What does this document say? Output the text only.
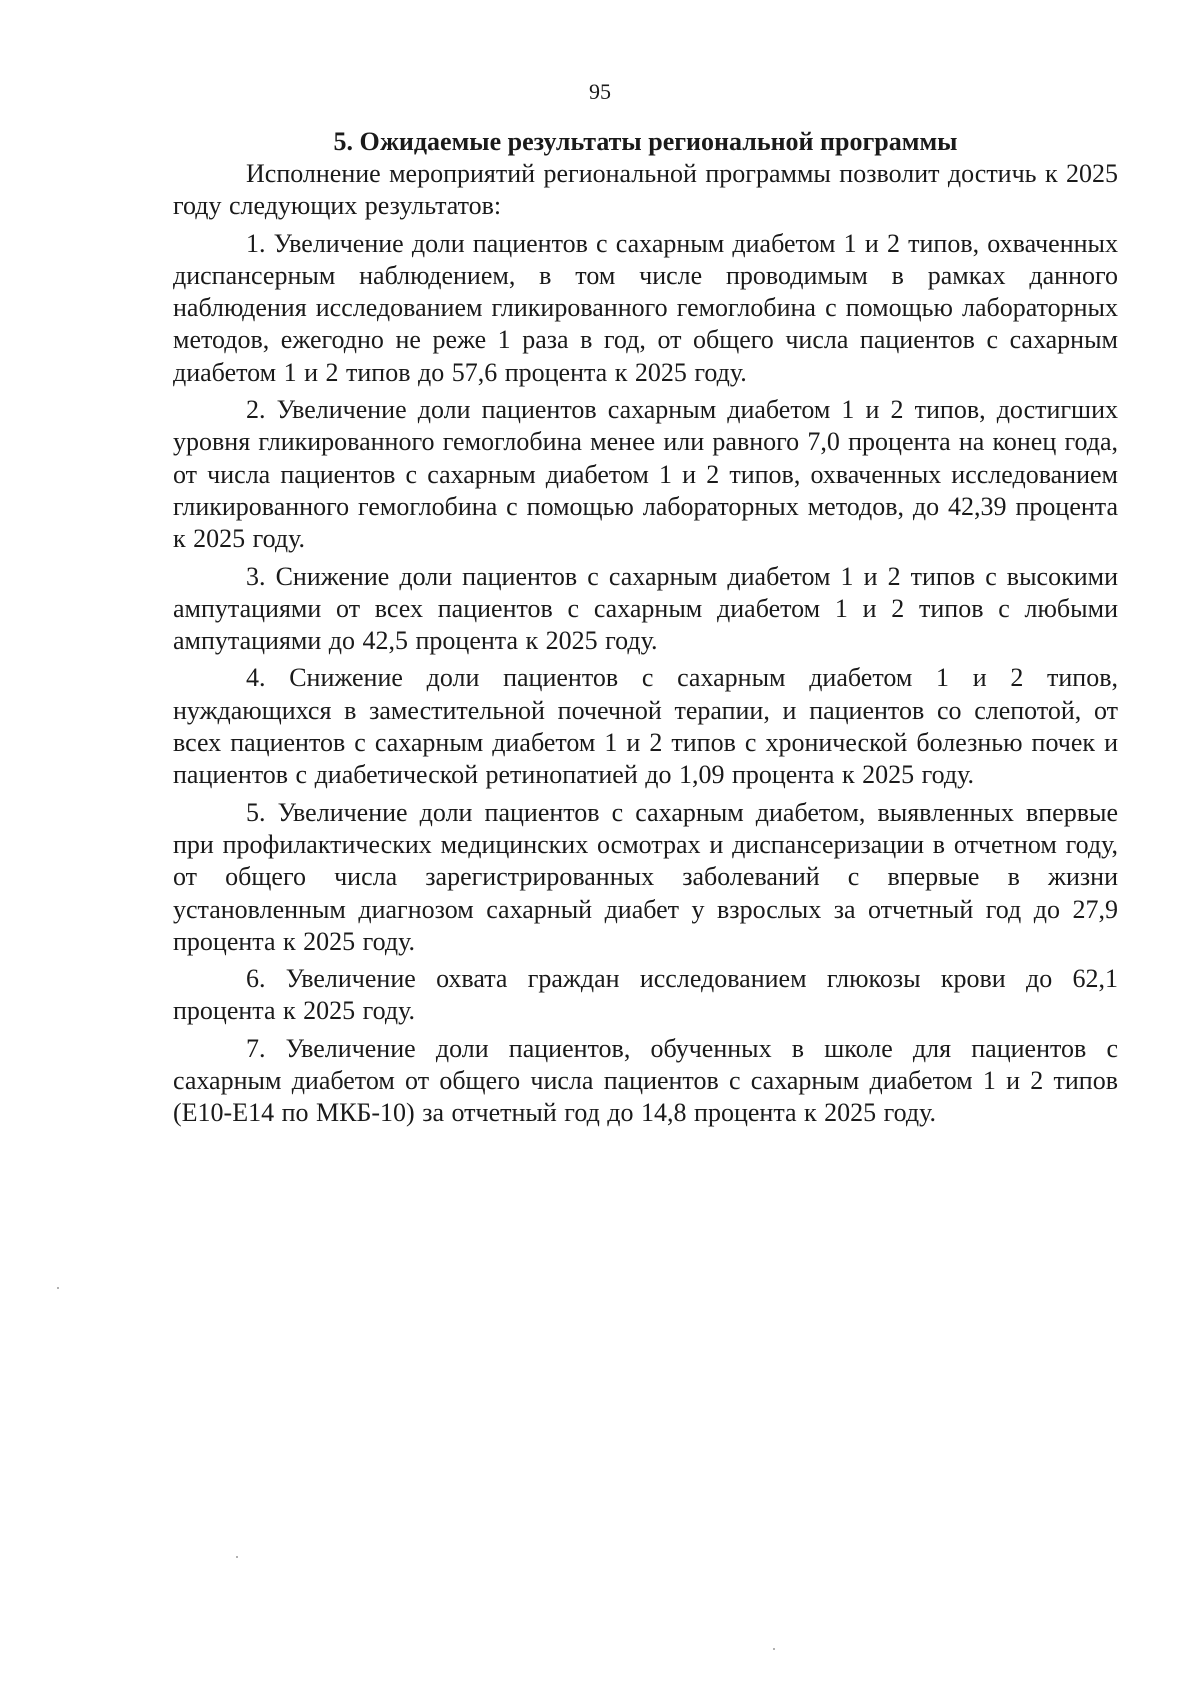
95
5. Ожидаемые результаты региональной программы

Исполнение мероприятий региональной программы позволит достичь к 2025 году следующих результатов:

1. Увеличение доли пациентов с сахарным диабетом 1 и 2 типов, охваченных диспансерным наблюдением, в том числе проводимым в рамках данного наблюдения исследованием гликированного гемоглобина с помощью лабораторных методов, ежегодно не реже 1 раза в год, от общего числа пациентов с сахарным диабетом 1 и 2 типов до 57,6 процента к 2025 году.

2. Увеличение доли пациентов сахарным диабетом 1 и 2 типов, достигших уровня гликированного гемоглобина менее или равного 7,0 процента на конец года, от числа пациентов с сахарным диабетом 1 и 2 типов, охваченных исследованием гликированного гемоглобина с помощью лабораторных методов, до 42,39 процента к 2025 году.

3. Снижение доли пациентов с сахарным диабетом 1 и 2 типов с высокими ампутациями от всех пациентов с сахарным диабетом 1 и 2 типов с любыми ампутациями до 42,5 процента к 2025 году.

4. Снижение доли пациентов с сахарным диабетом 1 и 2 типов, нуждающихся в заместительной почечной терапии, и пациентов со слепотой, от всех пациентов с сахарным диабетом 1 и 2 типов с хронической болезнью почек и пациентов с диабетической ретинопатией до 1,09 процента к 2025 году.

5. Увеличение доли пациентов с сахарным диабетом, выявленных впервые при профилактических медицинских осмотрах и диспансеризации в отчетном году, от общего числа зарегистрированных заболеваний с впервые в жизни установленным диагнозом сахарный диабет у взрослых за отчетный год до 27,9 процента к 2025 году.

6. Увеличение охвата граждан исследованием глюкозы крови до 62,1 процента к 2025 году.

7. Увеличение доли пациентов, обученных в школе для пациентов с сахарным диабетом от общего числа пациентов с сахарным диабетом 1 и 2 типов (E10-E14 по МКБ-10) за отчетный год до 14,8 процента к 2025 году.
